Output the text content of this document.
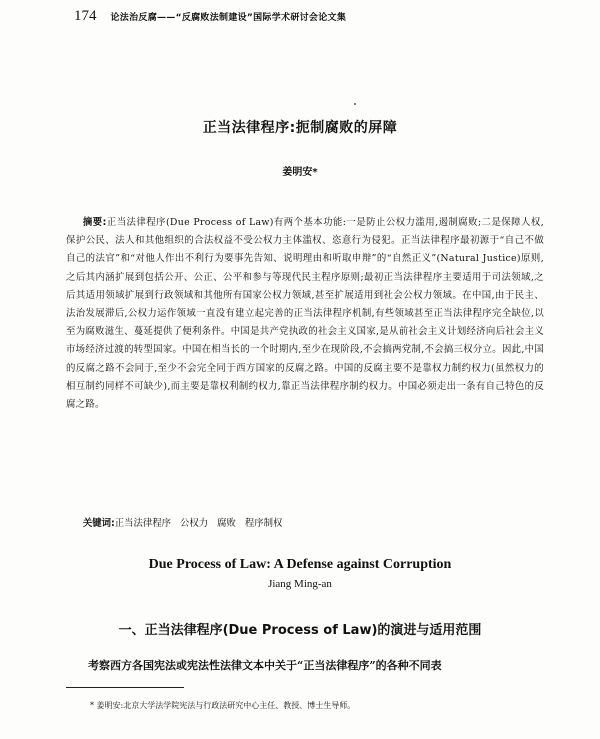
174 论法治反腐——“反腐败法制建设”国际学术研讨会论文集
正当法律程序:扼制腐败的屏障
姜明安*
摘要:正当法律程序(Due Process of Law)有两个基本功能:一是防止公权力滥用,遏制腐败;二是保障人权,保护公民、法人和其他组织的合法权益不受公权力主体滥权、恣意行为侵犯。正当法律程序最初源于“自己不做自己的法官”和“对他人作出不利行为要事先告知、说明理由和听取申辩”的“自然正义”(Natural Justice)原则,之后其内涵扩展到包括公开、公正、公平和参与等现代民主程序原则;最初正当法律程序主要适用于司法领域,之后其适用领域扩展到行政领域和其他所有国家公权力领域,甚至扩展适用到社会公权力领域。在中国,由于民主、法治发展滞后,公权力运作领域一直没有建立起完善的正当法律程序机制,有些领域甚至正当法律程序完全缺位,以至为腐败滋生、蔓延提供了便利条件。中国是共产党执政的社会主义国家,是从前社会主义计划经济向后社会主义市场经济过渡的转型国家。中国在相当长的一个时期内,至少在现阶段,不会搞两党制,不会搞三权分立。因此,中国的反腐之路不会同于,至少不会完全同于西方国家的反腐之路。中国的反腐主要不是靠权力制约权力(虽然权力的相互制约同样不可缺少),而主要是靠权利制约权力,靠正当法律程序制约权力。中国必须走出一条有自己特色的反腐之路。
关键词:正当法律程序 公权力 腐败 程序制权
Due Process of Law: A Defense against Corruption
Jiang Ming-an
一、正当法律程序(Due Process of Law)的演进与适用范围
考察西方各国宪法或宪法性法律文本中关于“正当法律程序”的各种不同表
* 姜明安:北京大学法学院宪法与行政法研究中心主任、教授、博士生导师。
